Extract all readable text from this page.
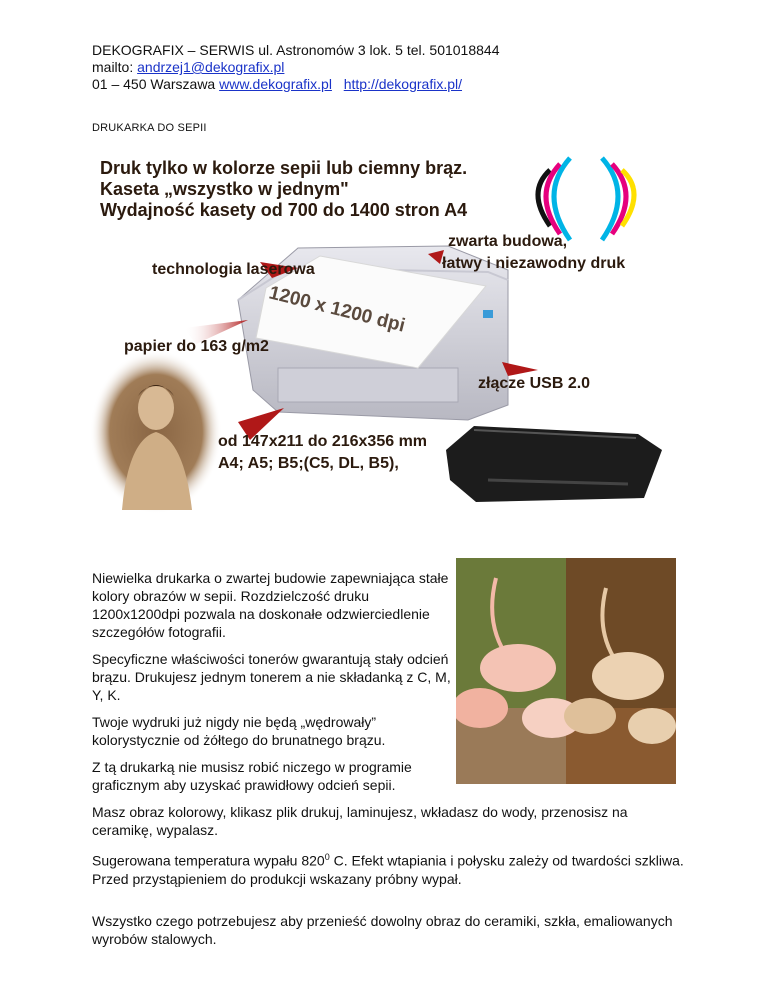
DEKOGRAFIX – SERWIS ul. Astronomów 3 lok. 5 tel. 501018844
mailto: andrzej1@dekografix.pl
01 – 450 Warszawa www.dekografix.pl http://dekografix.pl/
DRUKARKA DO SEPII
Druk tylko w kolorze sepii lub ciemny brąz.
Kaseta „wszystko w jednym"
Wydajność kasety od 700 do 1400 stron A4
technologia laserowa
zwarta budowa,
łatwy i niezawodny druk
1200 x 1200 dpi
papier do 163 g/m2
złącze USB 2.0
od 147x211 do 216x356 mm
A4; A5; B5;(C5, DL, B5),
Niewielka drukarka o zwartej budowie zapewniająca stałe kolory obrazów w sepii. Rozdzielczość druku 1200x1200dpi pozwala na doskonałe odzwierciedlenie szczegółów fotografii.
Specyficzne właściwości tonerów gwarantują stały odcień brązu. Drukujesz jednym tonerem a nie składanką z C, M, Y, K.
Twoje wydruki już nigdy nie będą „wędrowały” kolorystycznie od żółtego do brunatnego brązu.
Z tą drukarką nie musisz robić niczego w programie graficznym aby uzyskać prawidłowy odcień sepii.
Masz obraz kolorowy, klikasz plik drukuj, laminujesz, wkładasz do wody, przenosisz na ceramikę, wypalasz.
Sugerowana temperatura wypału $820^0$ C. Efekt wtapiania i połysku zależy od twardości szkliwa. Przed przystąpieniem do produkcji wskazany próbny wypał.
Wszystko czego potrzebujesz aby przenieść dowolny obraz do ceramiki, szkła, emaliowanych wyrobów stalowych.
